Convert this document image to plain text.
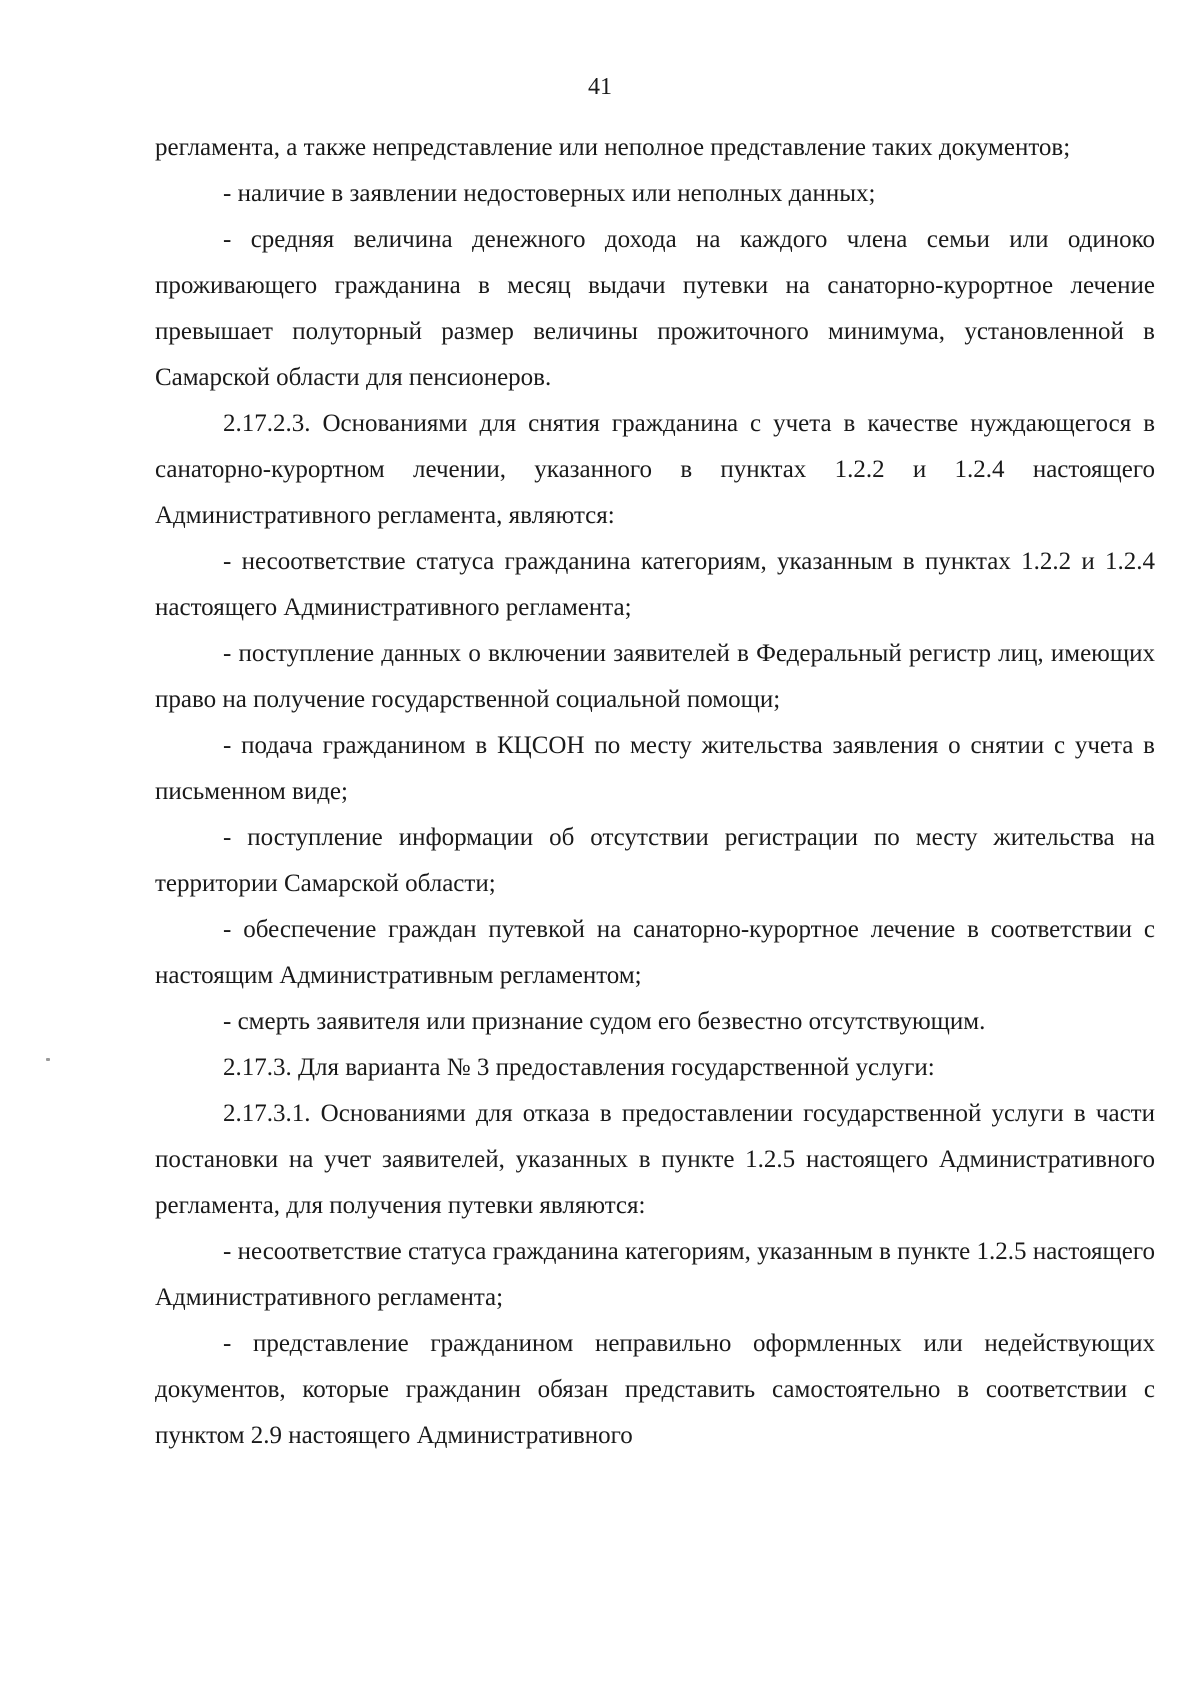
41

регламента, а также непредставление или неполное представление таких документов;

- наличие в заявлении недостоверных или неполных данных;

- средняя величина денежного дохода на каждого члена семьи или одиноко проживающего гражданина в месяц выдачи путевки на санаторно-курортное лечение превышает полуторный размер величины прожиточного минимума, установленной в Самарской области для пенсионеров.

2.17.2.3. Основаниями для снятия гражданина с учета в качестве нуждающегося в санаторно-курортном лечении, указанного в пунктах 1.2.2 и 1.2.4 настоящего Административного регламента, являются:

- несоответствие статуса гражданина категориям, указанным в пунктах 1.2.2 и 1.2.4 настоящего Административного регламента;

- поступление данных о включении заявителей в Федеральный регистр лиц, имеющих право на получение государственной социальной помощи;

- подача гражданином в КЦСОН по месту жительства заявления о снятии с учета в письменном виде;

- поступление информации об отсутствии регистрации по месту жительства на территории Самарской области;

- обеспечение граждан путевкой на санаторно-курортное лечение в соответствии с настоящим Административным регламентом;

- смерть заявителя или признание судом его безвестно отсутствующим.

2.17.3. Для варианта № 3 предоставления государственной услуги:

2.17.3.1. Основаниями для отказа в предоставлении государственной услуги в части постановки на учет заявителей, указанных в пункте 1.2.5 настоящего Административного регламента, для получения путевки являются:

- несоответствие статуса гражданина категориям, указанным в пункте 1.2.5 настоящего Административного регламента;

- представление гражданином неправильно оформленных или недействующих документов, которые гражданин обязан представить самостоятельно в соответствии с пунктом 2.9 настоящего Административного
